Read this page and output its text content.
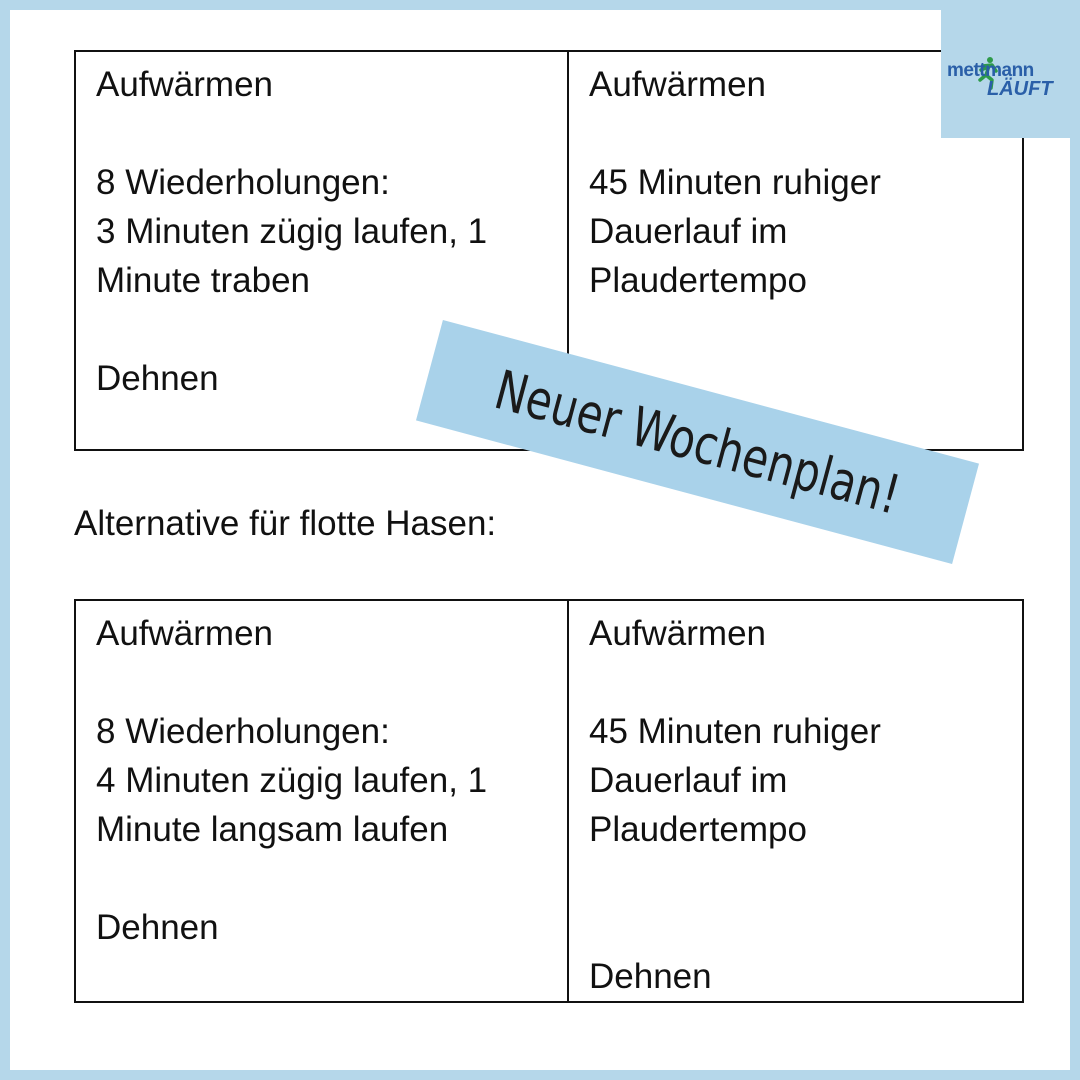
Aufwärmen
8 Wiederholungen:
3 Minuten zügig laufen, 1
Minute traben
Dehnen

Aufwärmen
45 Minuten ruhiger
Dauerlauf im
Plaudertempo
Alternative für flotte Hasen:
Aufwärmen
8 Wiederholungen:
4 Minuten zügig laufen, 1
Minute langsam laufen
Dehnen

Aufwärmen
45 Minuten ruhiger
Dauerlauf im
Plaudertempo
Dehnen
Neuer Wochenplan!
mettmann
LÄUFT
